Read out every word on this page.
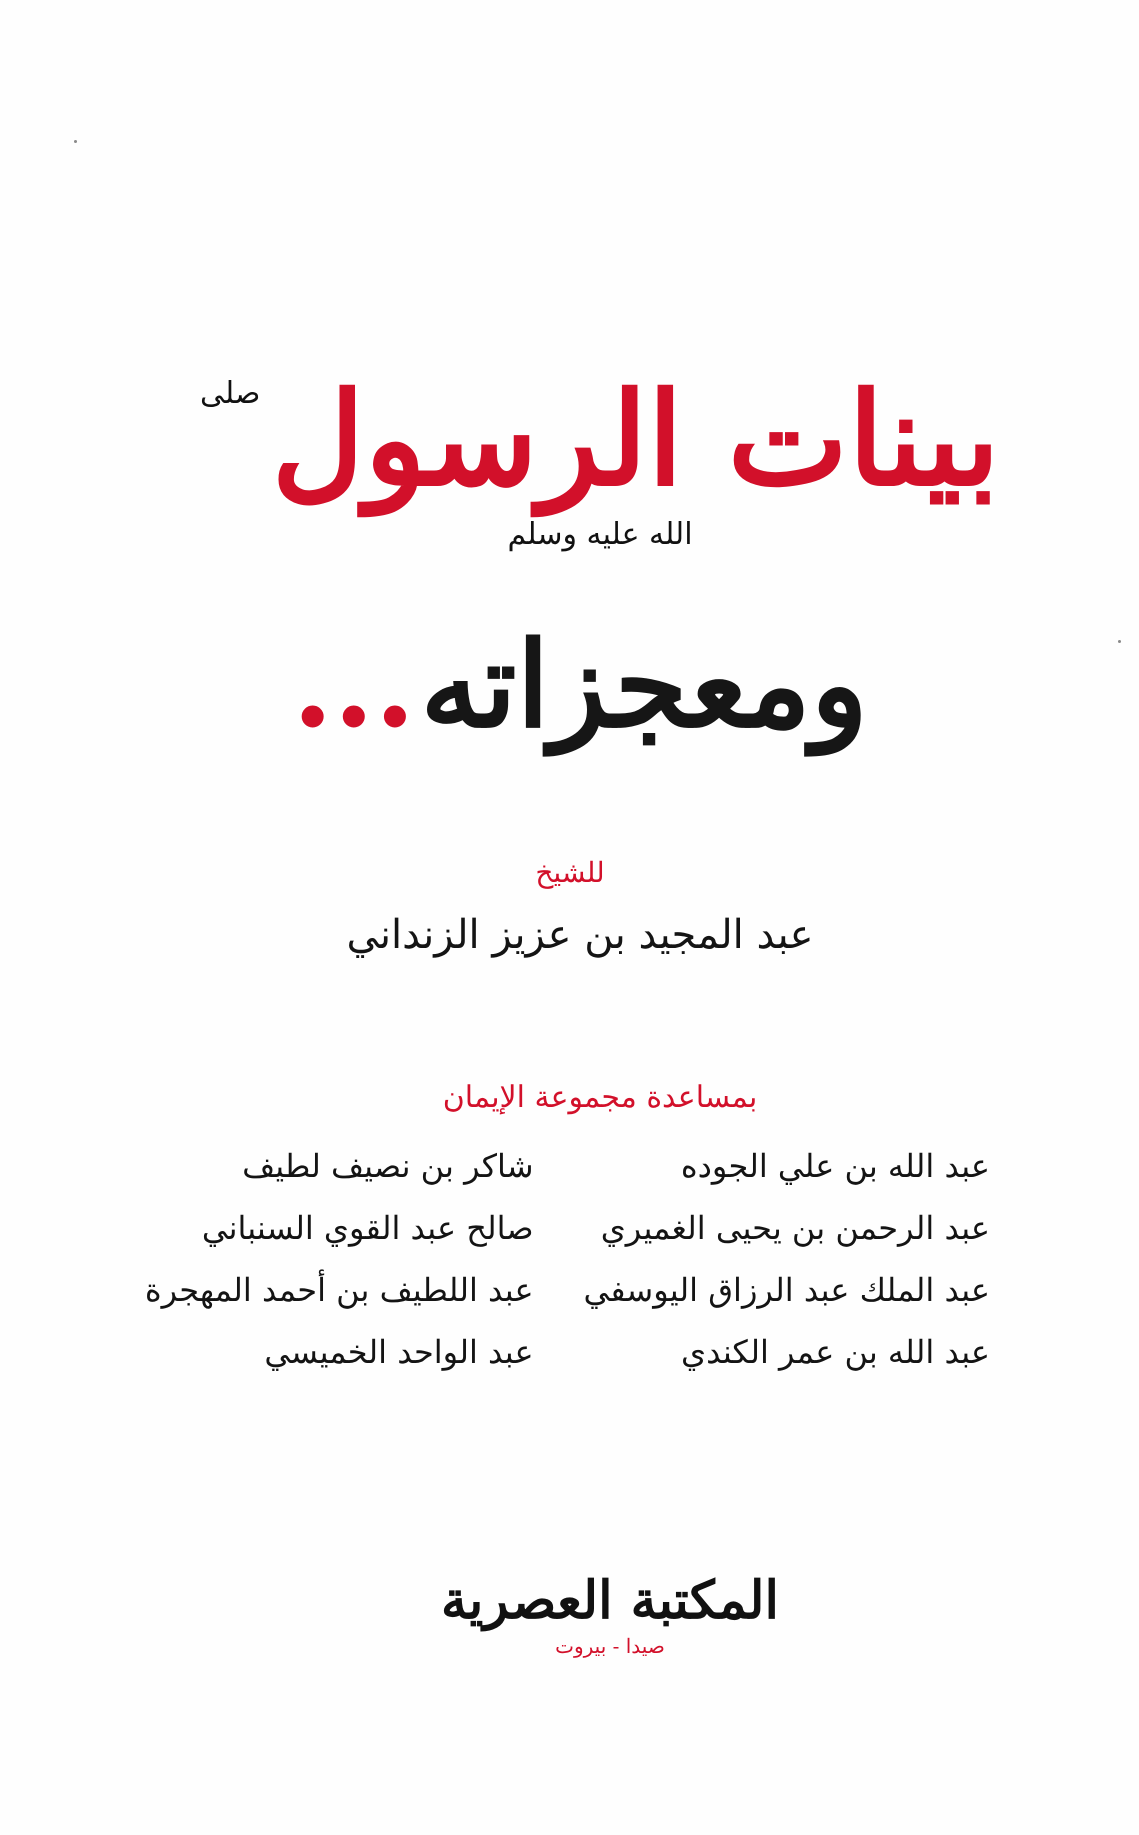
بينات الرسول صلى الله عليه وسلم
ومعجزاته ...
للشيخ
عبد المجيد بن عزيز الزنداني
بمساعدة مجموعة الإيمان
عبد الله بن علي الجوده
شاكر بن نصيف لطيف
عبد الرحمن بن يحيى الغميري
صالح عبد القوي السنباني
عبد الملك عبد الرزاق اليوسفي
عبد اللطيف بن أحمد المهجرة
عبد الله بن عمر الكندي
عبد الواحد الخميسي
المكتبة العصرية
صيدا - بيروت
